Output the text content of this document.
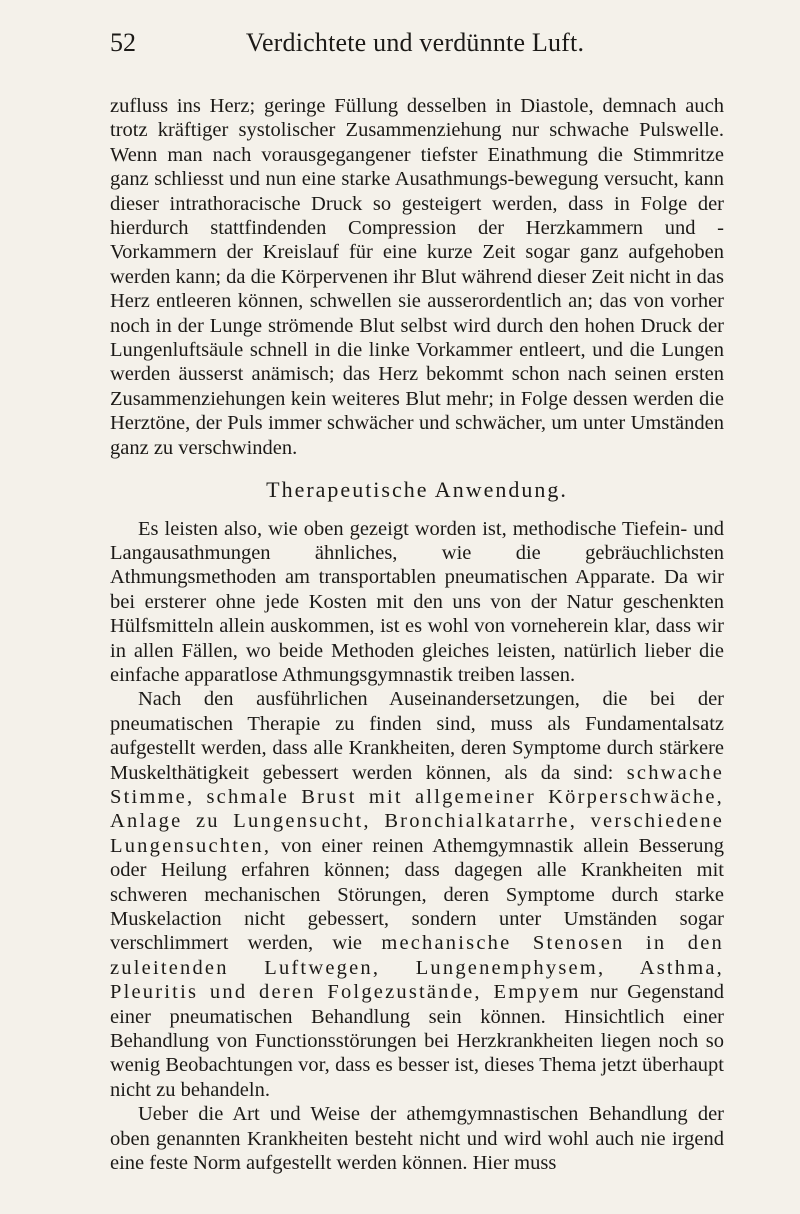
52	Verdichtete und verdünnte Luft.

zufluss ins Herz; geringe Füllung desselben in Diastole, demnach auch trotz kräftiger systolischer Zusammenziehung nur schwache Pulswelle. Wenn man nach vorausgegangener tiefster Einathmung die Stimmritze ganz schliesst und nun eine starke Ausathmungs-bewegung versucht, kann dieser intrathoracische Druck so gesteigert werden, dass in Folge der hierdurch stattfindenden Compression der Herzkammern und -Vorkammern der Kreislauf für eine kurze Zeit sogar ganz aufgehoben werden kann; da die Körpervenen ihr Blut während dieser Zeit nicht in das Herz entleeren können, schwellen sie ausserordentlich an; das von vorher noch in der Lunge strömende Blut selbst wird durch den hohen Druck der Lungenluftsäule schnell in die linke Vorkammer entleert, und die Lungen werden äusserst anämisch; das Herz bekommt schon nach seinen ersten Zusammenziehungen kein weiteres Blut mehr; in Folge dessen werden die Herztöne, der Puls immer schwächer und schwächer, um unter Umständen ganz zu verschwinden.

Therapeutische Anwendung.

Es leisten also, wie oben gezeigt worden ist, methodische Tiefein- und Langausathmungen ähnliches, wie die gebräuchlichsten Athmungsmethoden am transportablen pneumatischen Apparate. Da wir bei ersterer ohne jede Kosten mit den uns von der Natur geschenkten Hülfsmitteln allein auskommen, ist es wohl von vorneherein klar, dass wir in allen Fällen, wo beide Methoden gleiches leisten, natürlich lieber die einfache apparatlose Athmungsgymnastik treiben lassen.

Nach den ausführlichen Auseinandersetzungen, die bei der pneumatischen Therapie zu finden sind, muss als Fundamentalsatz aufgestellt werden, dass alle Krankheiten, deren Symptome durch stärkere Muskelthätigkeit gebessert werden können, als da sind: schwache Stimme, schmale Brust mit allgemeiner Körperschwäche, Anlage zu Lungensucht, Bronchialkatarrhe, verschiedene Lungensuchten, von einer reinen Athemgymnastik allein Besserung oder Heilung erfahren können; dass dagegen alle Krankheiten mit schweren mechanischen Störungen, deren Symptome durch starke Muskelaction nicht gebessert, sondern unter Umständen sogar verschlimmert werden, wie mechanische Stenosen in den zuleitenden Luftwegen, Lungenemphysem, Asthma, Pleuritis und deren Folgezustände, Empyem nur Gegenstand einer pneumatischen Behandlung sein können. Hinsichtlich einer Behandlung von Functionsstörungen bei Herzkrankheiten liegen noch so wenig Beobachtungen vor, dass es besser ist, dieses Thema jetzt überhaupt nicht zu behandeln.

Ueber die Art und Weise der athemgymnastischen Behandlung der oben genannten Krankheiten besteht nicht und wird wohl auch nie irgend eine feste Norm aufgestellt werden können. Hier muss
